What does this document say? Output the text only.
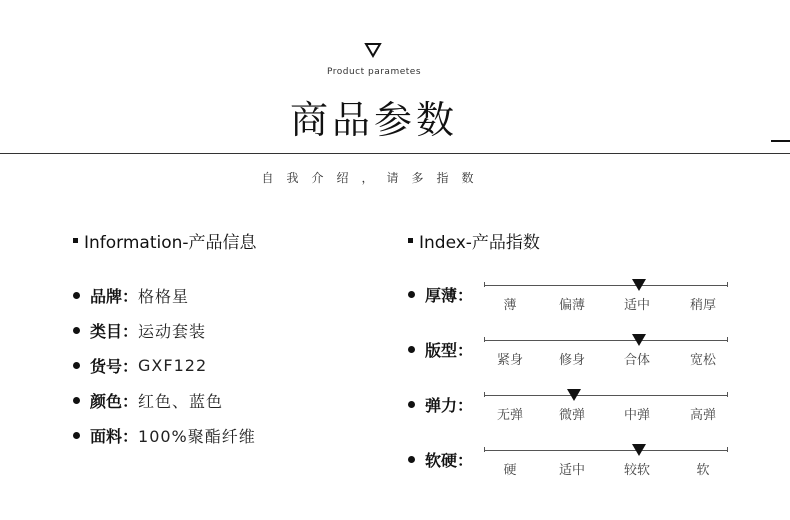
Product parametes
商品参数
自我介绍，请多指数
Information-产品信息
品牌： 格格星
类目： 运动套装
货号： GXF122
颜色： 红色、蓝色
面料： 100%聚酯纤维
Index-产品指数
厚薄：
薄	偏薄	适中	稍厚
版型：
紧身	修身	合体	宽松
弹力：
无弹	微弹	中弹	高弹
软硬：
硬	适中	较软	软
